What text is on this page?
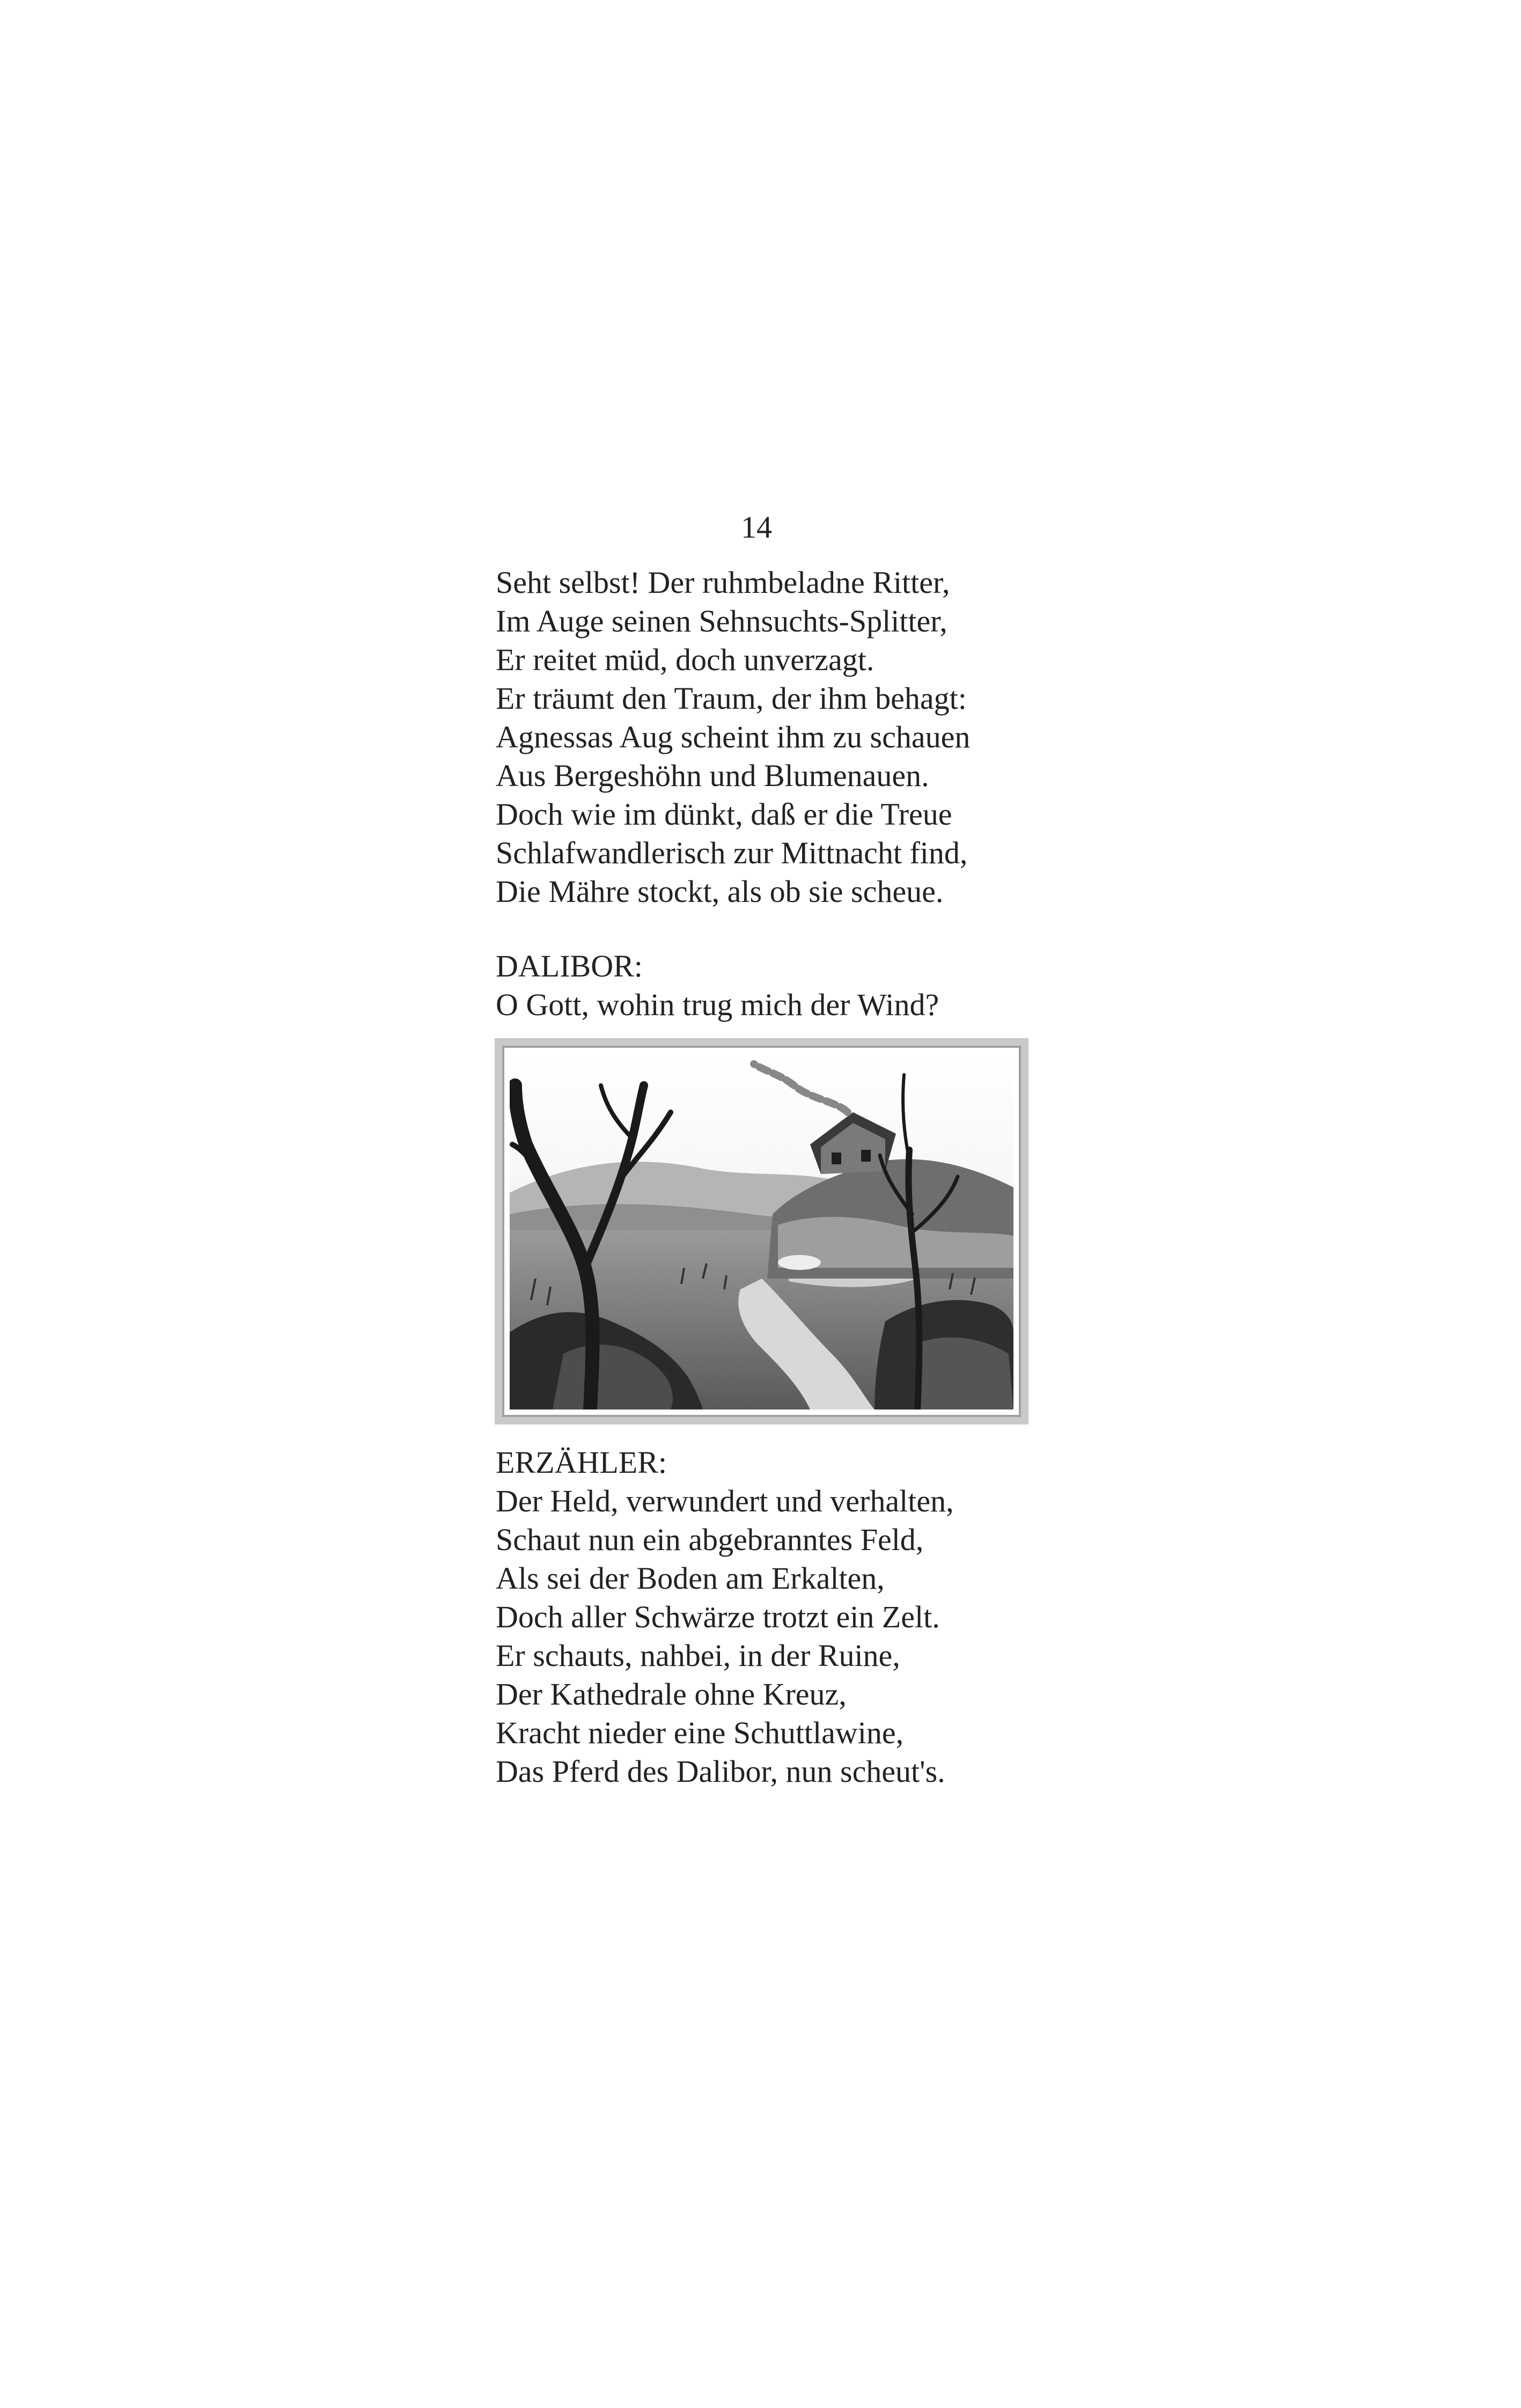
14
Seht selbst! Der ruhmbeladne Ritter,
Im Auge seinen Sehnsuchts-Splitter,
Er reitet müd, doch unverzagt.
Er träumt den Traum, der ihm behagt:
Agnessas Aug scheint ihm zu schauen
Aus Bergeshöhn und Blumenauen.
Doch wie im dünkt, daß er die Treue
Schlafwandlerisch zur Mittnacht find,
Die Mähre stockt, als ob sie scheue.
DALIBOR:
O Gott, wohin trug mich der Wind?
ERZÄHLER:
Der Held, verwundert und verhalten,
Schaut nun ein abgebranntes Feld,
Als sei der Boden am Erkalten,
Doch aller Schwärze trotzt ein Zelt.
Er schauts, nahbei, in der Ruine,
Der Kathedrale ohne Kreuz,
Kracht nieder eine Schuttlawine,
Das Pferd des Dalibor, nun scheut's.
